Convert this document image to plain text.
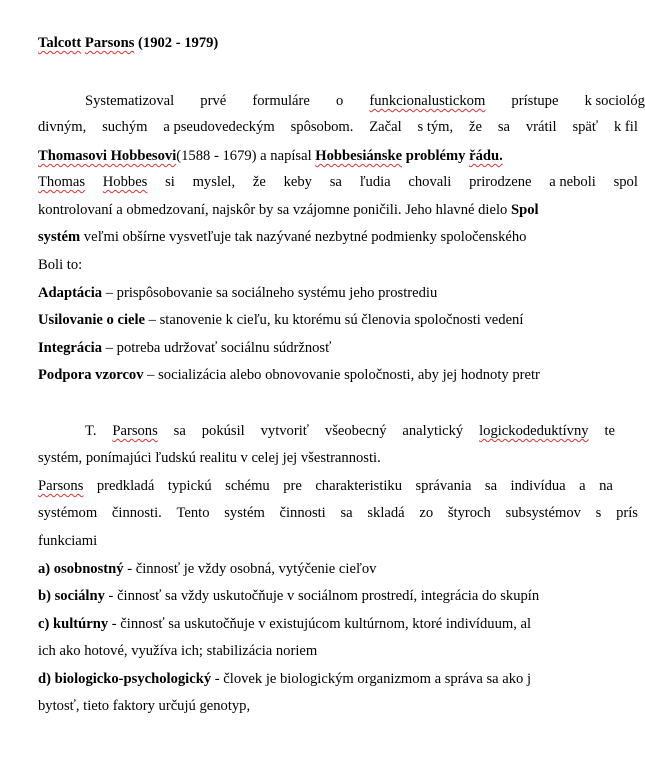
Talcott Parsons (1902 - 1979)
Systematizoval prvé formuláre o funkcionalustickom prístupe k sociológ
divným, suchým a pseudovedeckým spôsobom. Začal s tým, že sa vrátil späť k fil
Thomasovi Hobbesovi(1588 - 1679) a napísal Hobbesiánske problémy řádu.
Thomas Hobbes si myslel, že keby sa ľudia chovali prirodzene a neboli spol
kontrolovaní a obmedzovaní, najskôr by sa vzájomne poničili. Jeho hlavné dielo Spol
systém veľmi obšírne vysvetľuje tak nazývané nezbytné podmienky spoločenského
Boli to:
Adaptácia – prispôsobovanie sa sociálneho systému jeho prostrediu
Usilovanie o ciele – stanovenie k cieľu, ku ktorému sú členovia spoločnosti vedení
Integrácia – potreba udržovať sociálnu súdržnosť
Podpora vzorcov – socializácia alebo obnovovanie spoločnosti, aby jej hodnoty pretr
T. Parsons sa pokúsil vytvoriť všeobecný analytický logickodeduktívny te
systém, ponímajúci ľudskú realitu v celej jej všestrannosti.
Parsons predkladá typickú schému pre charakteristiku správania sa indivídua a na
systémom činnosti. Tento systém činnosti sa skladá zo štyroch subsystémov s prís
funkciami
a) osobnostný - činnosť je vždy osobná, vytýčenie cieľov
b) sociálny - činnosť sa vždy uskutočňuje v sociálnom prostredí, integrácia do skupín
c) kultúrny - činnosť sa uskutočňuje v existujúcom kultúrnom, ktoré indivíduum, al
ich ako hotové, využíva ich; stabilizácia noriem
d) biologicko-psychologický - človek je biologickým organizmom a správa sa ako j
bytosť, tieto faktory určujú genotyp,
